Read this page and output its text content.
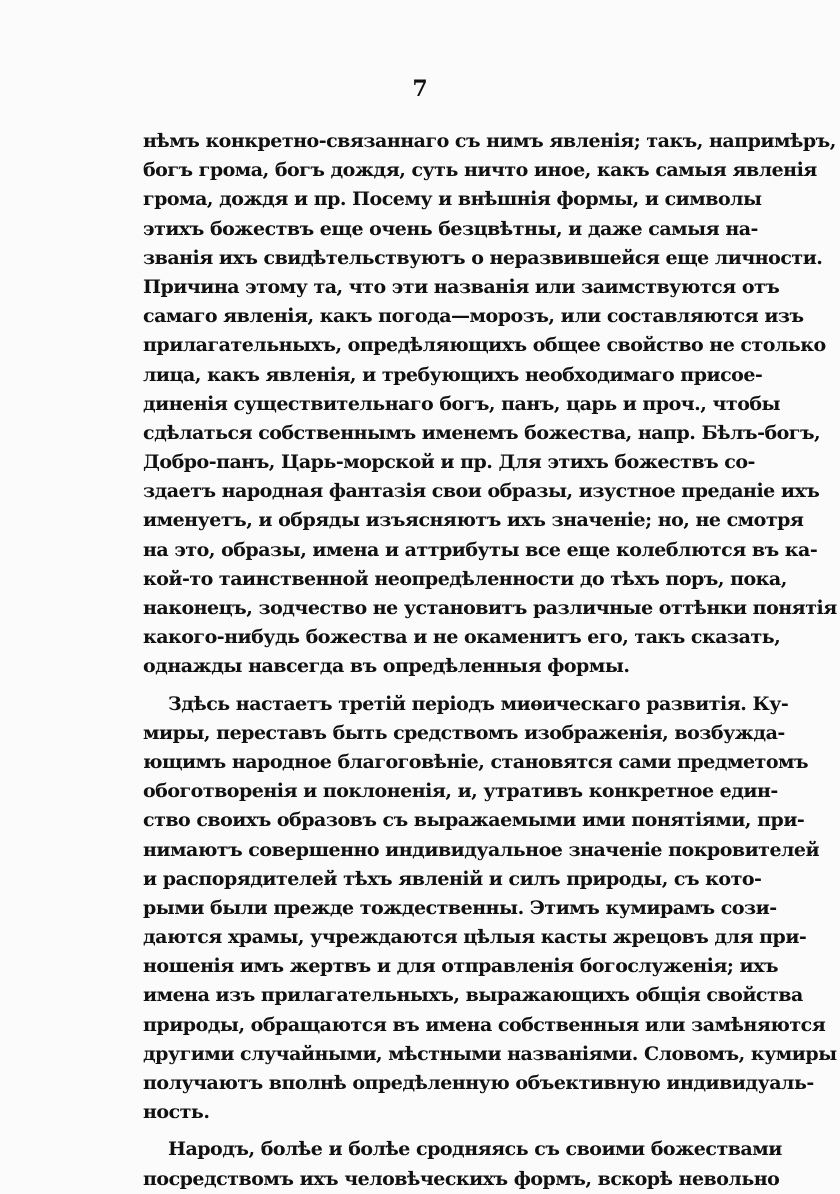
7
нѣмъ конкретно-связаннаго съ нимъ явленія; такъ, напримѣръ,
богъ грома, богъ дождя, суть ничто иное, какъ самыя явленія
грома, дождя и пр. Посему и внѣшнія формы, и символы
этихъ божествъ еще очень безцвѣтны, и даже самыя на-
званія ихъ свидѣтельствуютъ о неразвившейся еще личности.
Причина этому та, что эти названія или заимствуются отъ
самаго явленія, какъ погода—морозъ, или составляются изъ
прилагательныхъ, опредѣляющихъ общее свойство не столько
лица, какъ явленія, и требующихъ необходимаго присое-
диненія существительнаго богъ, панъ, царь и проч., чтобы
сдѣлаться собственнымъ именемъ божества, напр. Бѣлъ-богъ,
Добро-панъ, Царь-морской и пр. Для этихъ божествъ со-
здаетъ народная фантазія свои образы, изустное преданіе ихъ
именуетъ, и обряды изъясняютъ ихъ значеніе; но, не смотря
на это, образы, имена и аттрибуты все еще колеблются въ ка-
кой-то таинственной неопредѣленности до тѣхъ поръ, пока,
наконецъ, зодчество не установитъ различные оттѣнки понятія
какого-нибудь божества и не окаменитъ его, такъ сказать,
однажды навсегда въ опредѣленныя формы.
Здѣсь настаетъ третій періодъ миѳическаго развитія. Ку-
миры, переставъ быть средствомъ изображенія, возбужда-
ющимъ народное благоговѣніе, становятся сами предметомъ
обоготворенія и поклоненія, и, утративъ конкретное един-
ство своихъ образовъ съ выражаемыми ими понятіями, при-
нимаютъ совершенно индивидуальное значеніе покровителей
и распорядителей тѣхъ явленій и силъ природы, съ кото-
рыми были прежде тождественны. Этимъ кумирамъ сози-
даются храмы, учреждаются цѣлыя касты жрецовъ для при-
ношенія имъ жертвъ и для отправленія богослуженія; ихъ
имена изъ прилагательныхъ, выражающихъ общія свойства
природы, обращаются въ имена собственныя или замѣняются
другими случайными, мѣстными названіями. Словомъ, кумиры
получаютъ вполнѣ опредѣленную объективную индивидуаль-
ность.
Народъ, болѣе и болѣе сродняясь съ своими божествами
посредствомъ ихъ человѣческихъ формъ, вскорѣ невольно
